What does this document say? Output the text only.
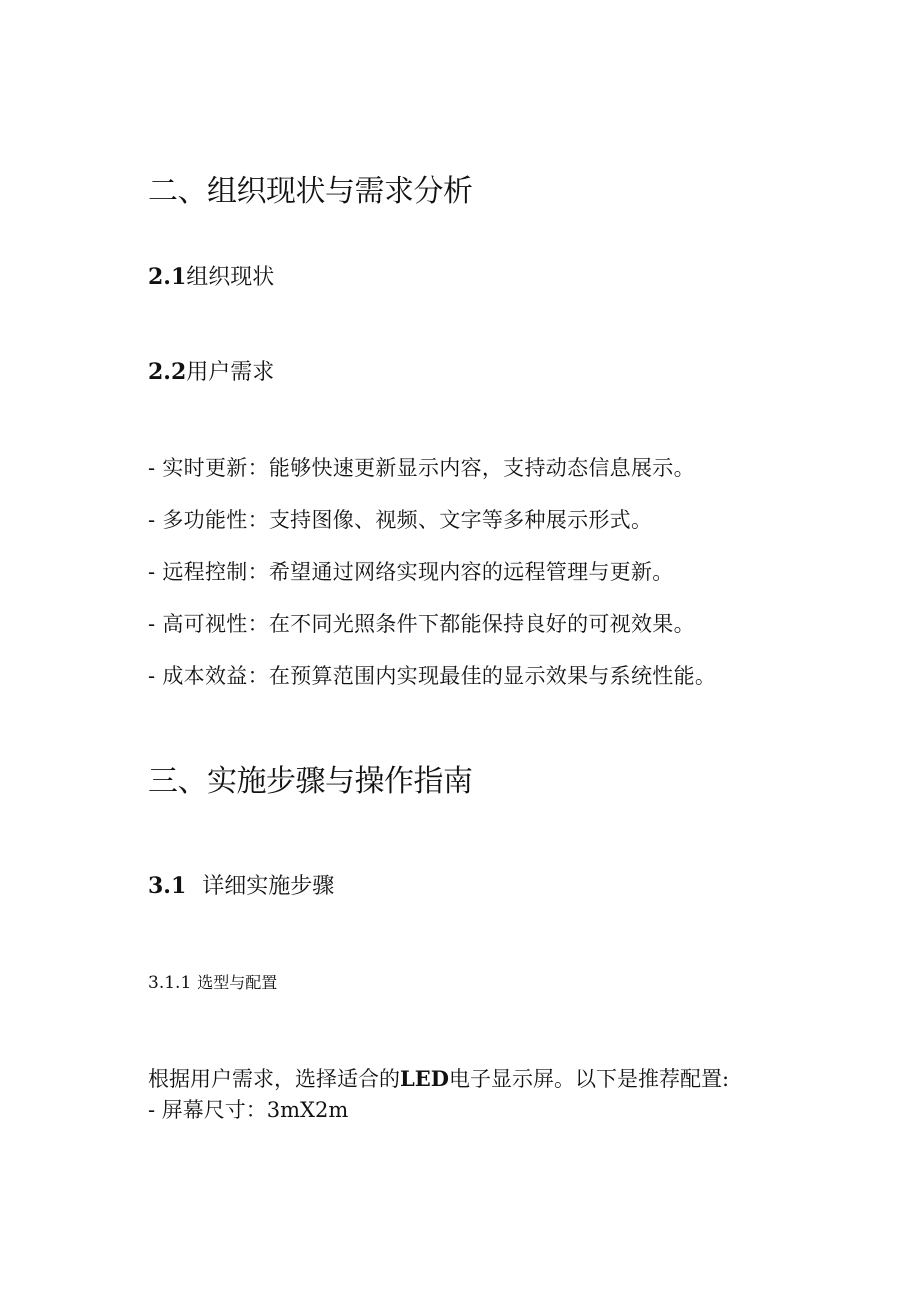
二、组织现状与需求分析
2.1组织现状
2.2用户需求
- 实时更新：能够快速更新显示内容，支持动态信息展示。
- 多功能性：支持图像、视频、文字等多种展示形式。
- 远程控制：希望通过网络实现内容的远程管理与更新。
- 高可视性：在不同光照条件下都能保持良好的可视效果。
- 成本效益：在预算范围内实现最佳的显示效果与系统性能。
三、实施步骤与操作指南
3.1 详细实施步骤
3.1.1 选型与配置
根据用户需求，选择适合的LED电子显示屏。以下是推荐配置:
- 屏幕尺寸：3mX2m
